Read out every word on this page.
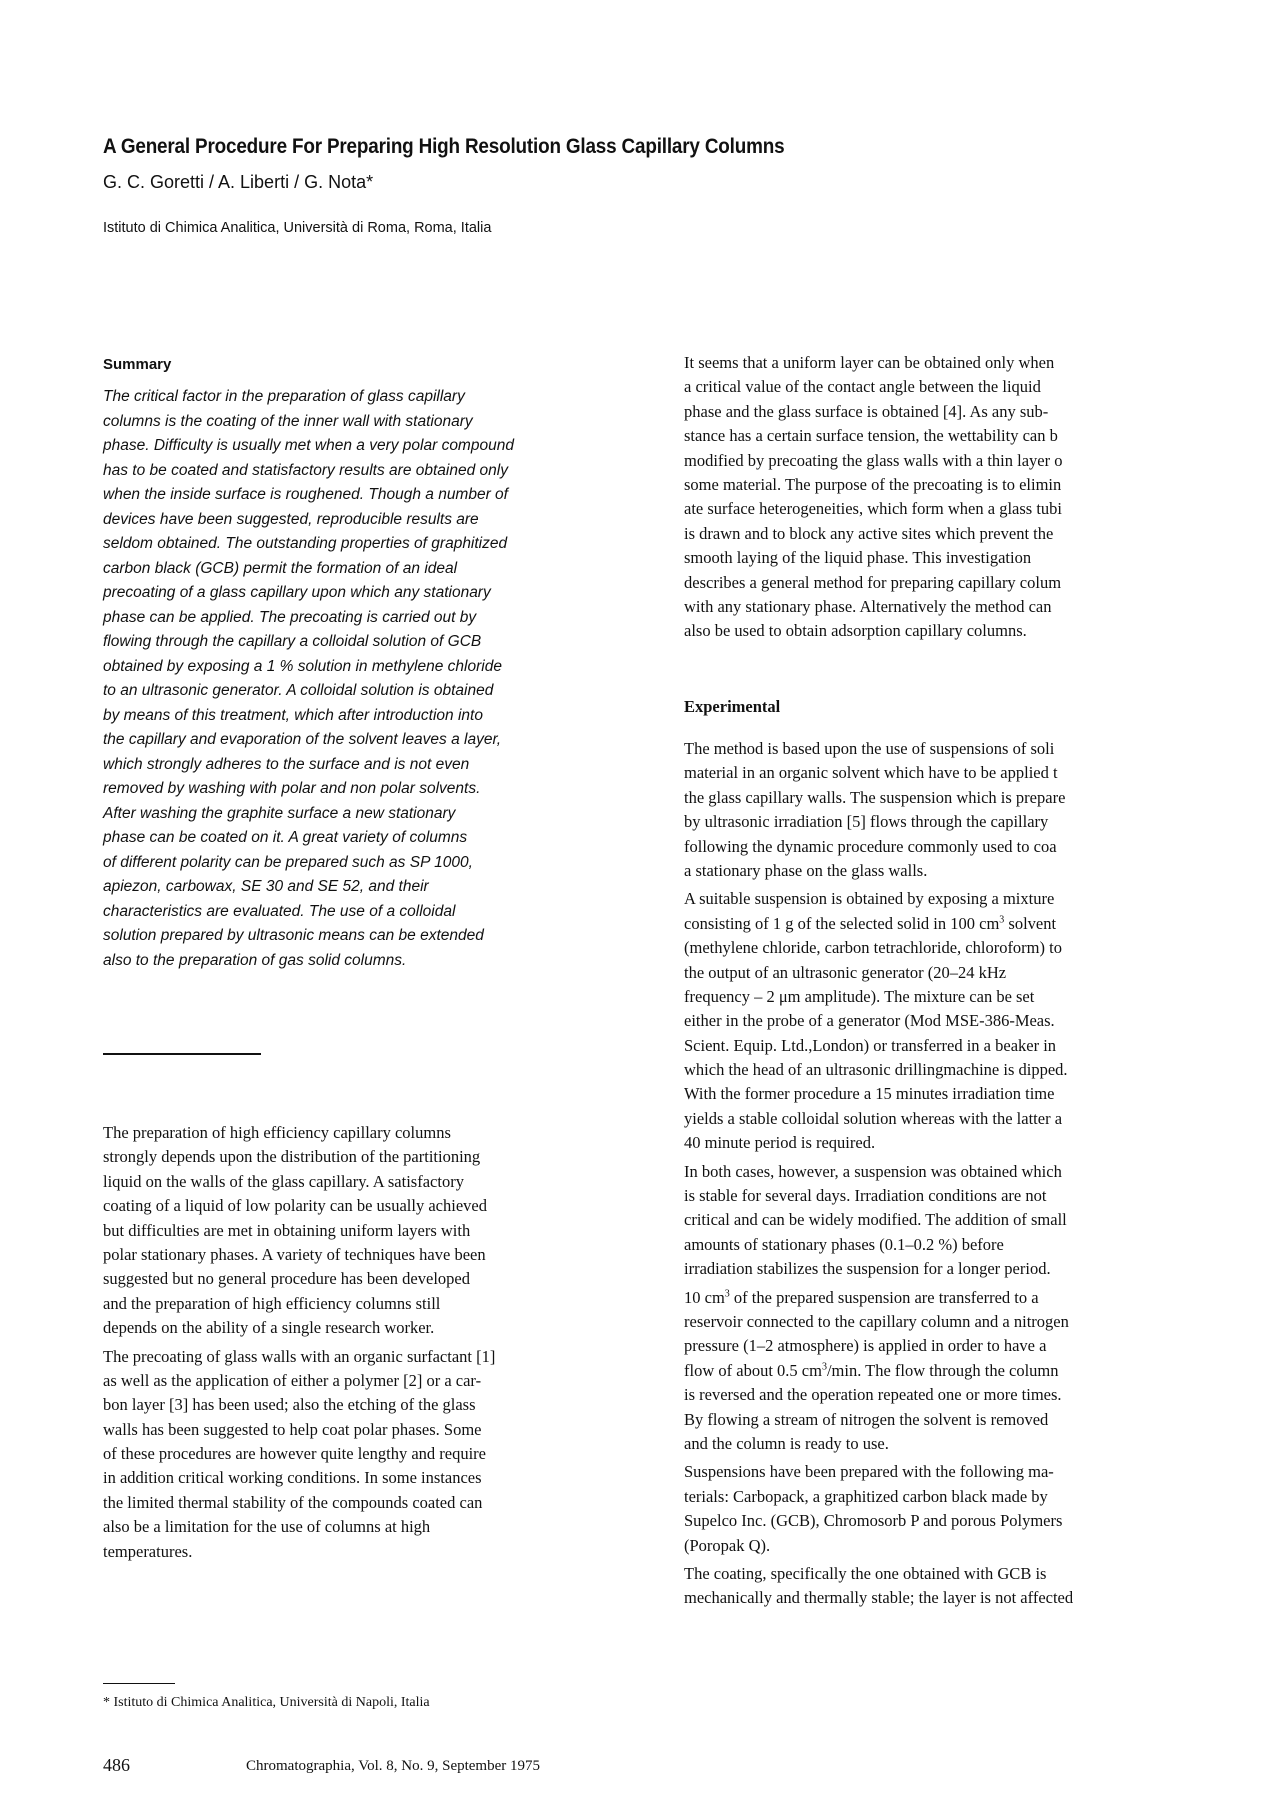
A General Procedure For Preparing High Resolution Glass Capillary Columns
G. C. Goretti / A. Liberti / G. Nota*
Istituto di Chimica Analitica, Università di Roma, Roma, Italia
Summary
The critical factor in the preparation of glass capillary
columns is the coating of the inner wall with stationary
phase. Difficulty is usually met when a very polar compound
has to be coated and statisfactory results are obtained only
when the inside surface is roughened. Though a number of
devices have been suggested, reproducible results are
seldom obtained. The outstanding properties of graphitized
carbon black (GCB) permit the formation of an ideal
precoating of a glass capillary upon which any stationary
phase can be applied. The precoating is carried out by
flowing through the capillary a colloidal solution of GCB
obtained by exposing a 1 % solution in methylene chloride
to an ultrasonic generator. A colloidal solution is obtained
by means of this treatment, which after introduction into
the capillary and evaporation of the solvent leaves a layer,
which strongly adheres to the surface and is not even
removed by washing with polar and non polar solvents.
After washing the graphite surface a new stationary
phase can be coated on it. A great variety of columns
of different polarity can be prepared such as SP 1000,
apiezon, carbowax, SE 30 and SE 52, and their
characteristics are evaluated. The use of a colloidal
solution prepared by ultrasonic means can be extended
also to the preparation of gas solid columns.
The preparation of high efficiency capillary columns
strongly depends upon the distribution of the partitioning
liquid on the walls of the glass capillary. A satisfactory
coating of a liquid of low polarity can be usually achieved
but difficulties are met in obtaining uniform layers with
polar stationary phases. A variety of techniques have been
suggested but no general procedure has been developed
and the preparation of high efficiency columns still
depends on the ability of a single research worker.
The precoating of glass walls with an organic surfactant [1]
as well as the application of either a polymer [2] or a car-
bon layer [3] has been used; also the etching of the glass
walls has been suggested to help coat polar phases. Some
of these procedures are however quite lengthy and require
in addition critical working conditions. In some instances
the limited thermal stability of the compounds coated can
also be a limitation for the use of columns at high
temperatures.
It seems that a uniform layer can be obtained only when
a critical value of the contact angle between the liquid
phase and the glass surface is obtained [4]. As any sub-
stance has a certain surface tension, the wettability can b
modified by precoating the glass walls with a thin layer o
some material. The purpose of the precoating is to elimin
ate surface heterogeneities, which form when a glass tubi
is drawn and to block any active sites which prevent the
smooth laying of the liquid phase. This investigation
describes a general method for preparing capillary colum
with any stationary phase. Alternatively the method can
also be used to obtain adsorption capillary columns.
Experimental
The method is based upon the use of suspensions of soli
material in an organic solvent which have to be applied t
the glass capillary walls. The suspension which is prepare
by ultrasonic irradiation [5] flows through the capillary
following the dynamic procedure commonly used to coa
a stationary phase on the glass walls.
A suitable suspension is obtained by exposing a mixture
consisting of 1 g of the selected solid in 100 $cm^3$ solvent
(methylene chloride, carbon tetrachloride, chloroform) to
the output of an ultrasonic generator (20–24 kHz
frequency – 2 μm amplitude). The mixture can be set
either in the probe of a generator (Mod MSE-386-Meas.
Scient. Equip. Ltd.,London) or transferred in a beaker in
which the head of an ultrasonic drillingmachine is dipped.
With the former procedure a 15 minutes irradiation time
yields a stable colloidal solution whereas with the latter a
40 minute period is required.
In both cases, however, a suspension was obtained which
is stable for several days. Irradiation conditions are not
critical and can be widely modified. The addition of small
amounts of stationary phases (0.1–0.2 %) before
irradiation stabilizes the suspension for a longer period.
10 $cm^3$ of the prepared suspension are transferred to a
reservoir connected to the capillary column and a nitrogen
pressure (1–2 atmosphere) is applied in order to have a
flow of about 0.5 $cm^3/\min$. The flow through the column
is reversed and the operation repeated one or more times.
By flowing a stream of nitrogen the solvent is removed
and the column is ready to use.
Suspensions have been prepared with the following ma-
terials: Carbopack, a graphitized carbon black made by
Supelco Inc. (GCB), Chromosorb P and porous Polymers
(Poropak Q).
The coating, specifically the one obtained with GCB is
mechanically and thermally stable; the layer is not affected
* Istituto di Chimica Analitica, Università di Napoli, Italia
486	Chromatographia, Vol. 8, No. 9, September 1975
